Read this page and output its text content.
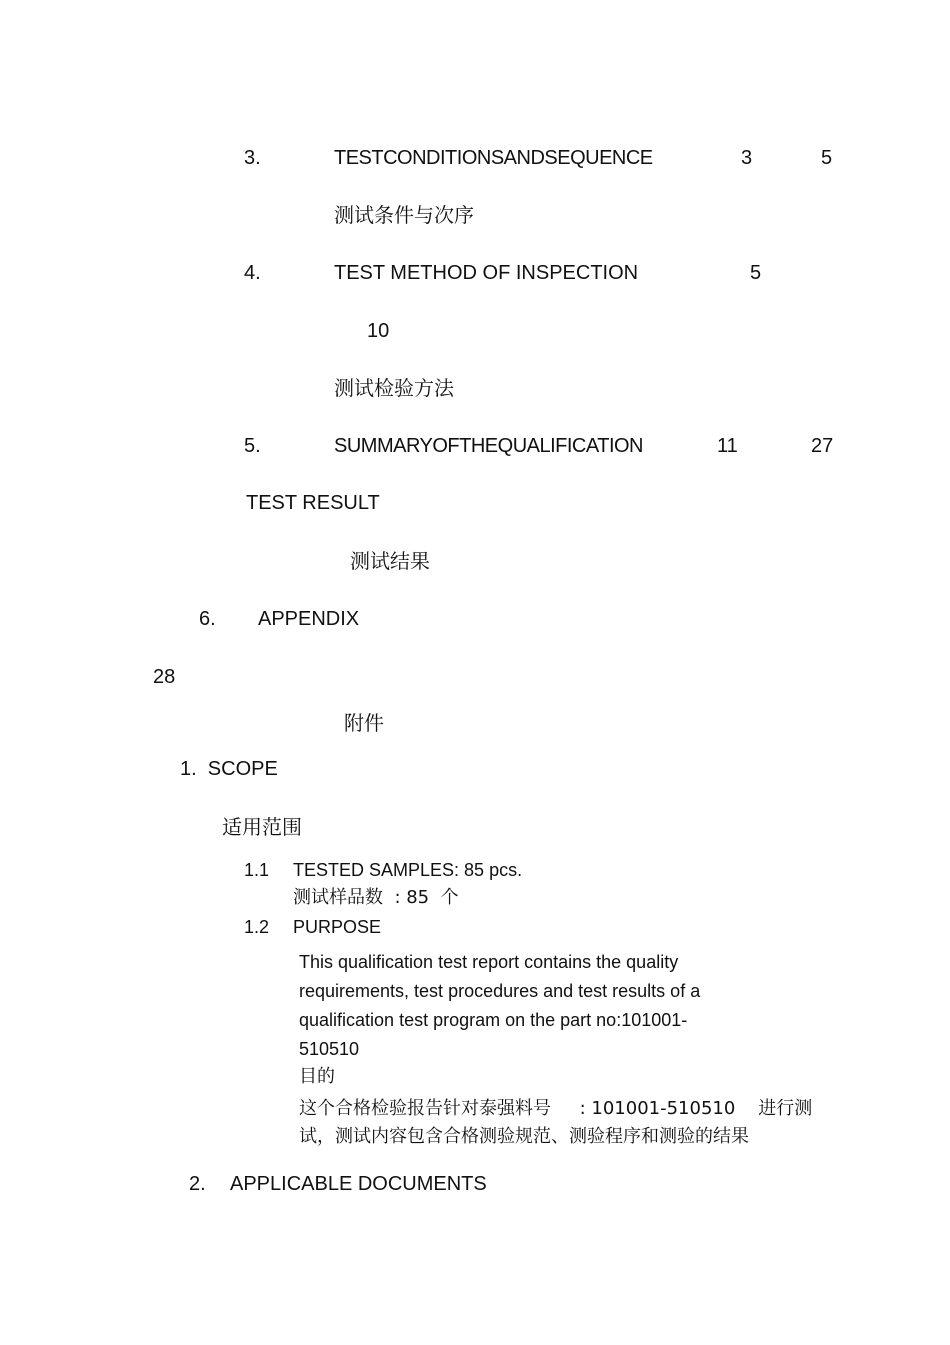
3.	TESTCONDITIONSANDSEQUENCE	3	5
测试条件与次序
4.	TEST METHOD OF INSPECTION	5
10
测试检验方法
5.	SUMMARYOFTHEQUALIFICATION	11	27
TEST RESULT
测试结果
6. APPENDIX
28
附件
1.  SCOPE
适用范围
1.1 TESTED SAMPLES: 85 pcs.
测试样品数  : 85  个
1.2 PURPOSE
This qualification test report contains the quality requirements, test procedures and test results of a qualification test program on the part no:101001-510510
目的
这个合格检验报告针对泰强料号     : 101001-510510    进行测
试，测试内容包含合格测验规范、测验程序和测验的结果
2. APPLICABLE DOCUMENTS
